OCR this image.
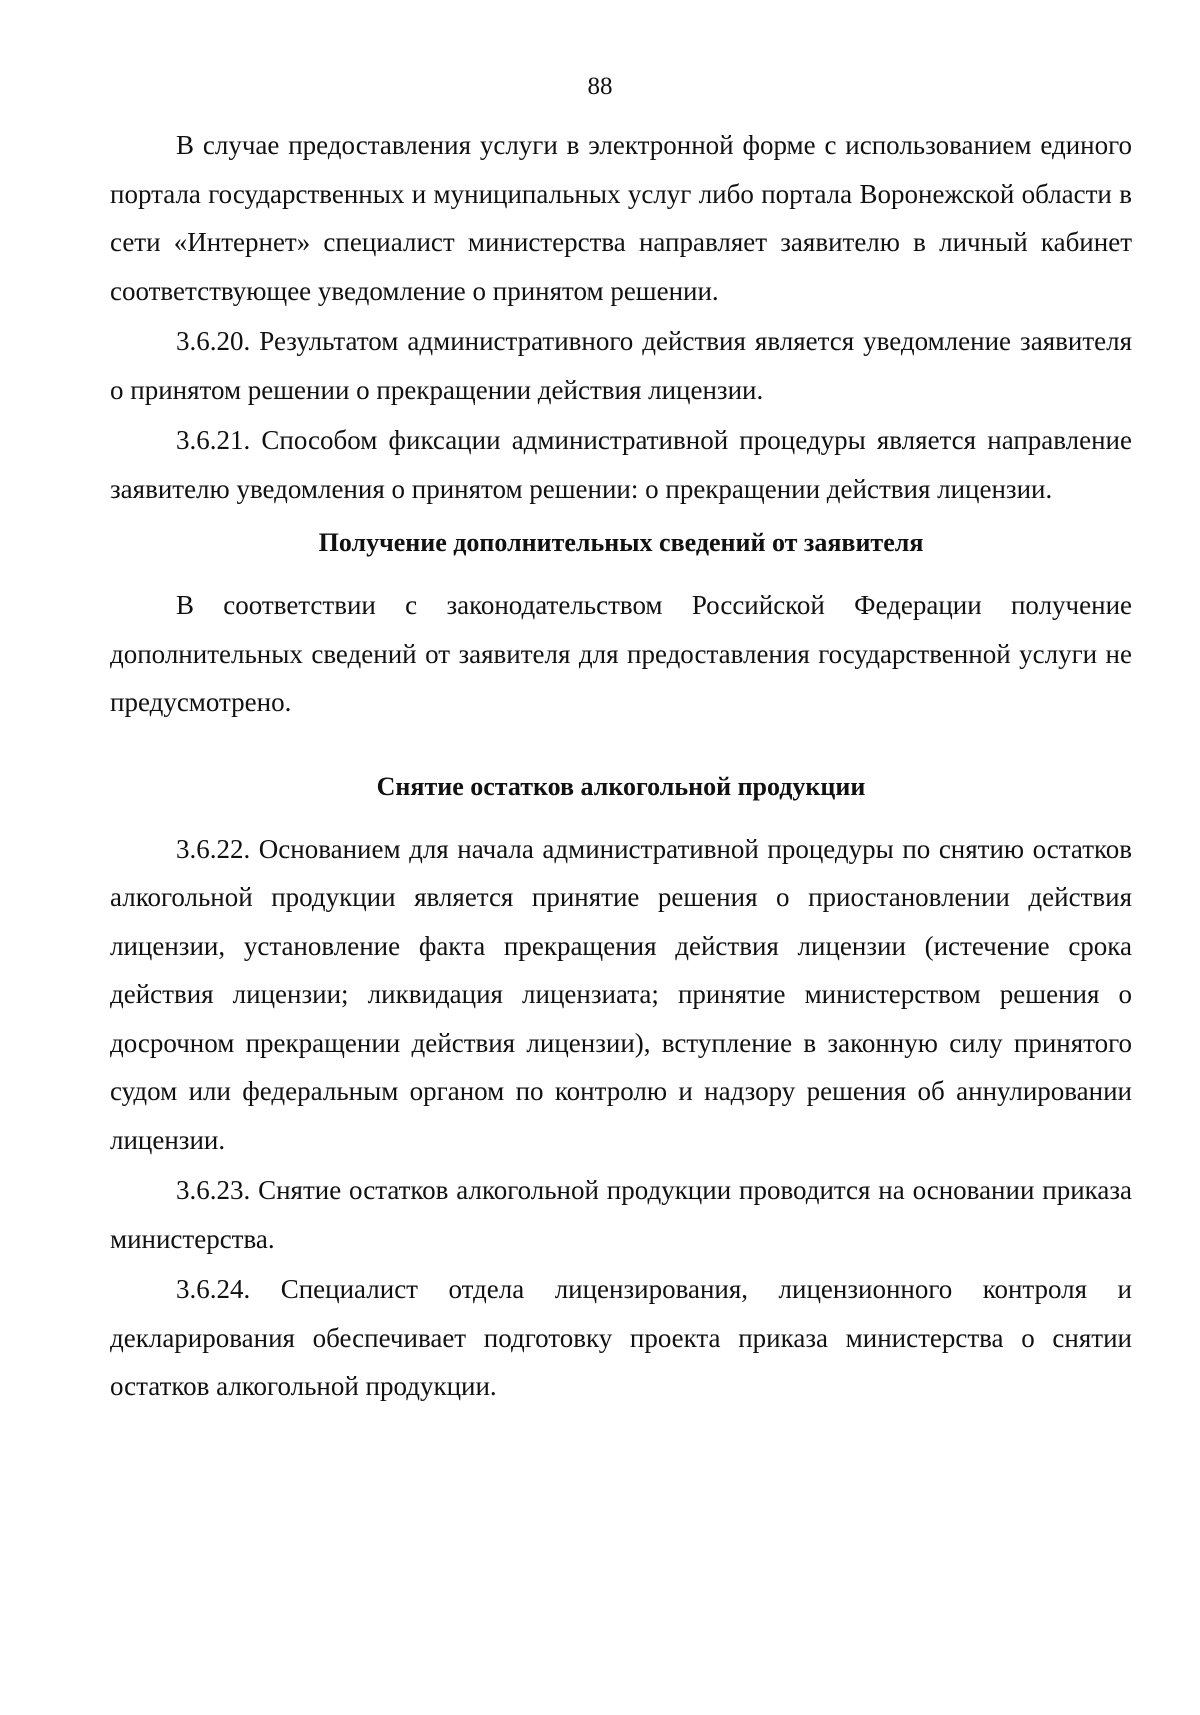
88

В случае предоставления услуги в электронной форме с использованием единого портала государственных и муниципальных услуг либо портала Воронежской области в сети «Интернет» специалист министерства направляет заявителю в личный кабинет соответствующее уведомление о принятом решении.

3.6.20. Результатом административного действия является уведомление заявителя о принятом решении о прекращении действия лицензии.

3.6.21. Способом фиксации административной процедуры является направление заявителю уведомления о принятом решении: о прекращении действия лицензии.

Получение дополнительных сведений от заявителя

В соответствии с законодательством Российской Федерации получение дополнительных сведений от заявителя для предоставления государственной услуги не предусмотрено.

Снятие остатков алкогольной продукции

3.6.22. Основанием для начала административной процедуры по снятию остатков алкогольной продукции является принятие решения о приостановлении действия лицензии, установление факта прекращения действия лицензии (истечение срока действия лицензии; ликвидация лицензиата; принятие министерством решения о досрочном прекращении действия лицензии), вступление в законную силу принятого судом или федеральным органом по контролю и надзору решения об аннулировании лицензии.

3.6.23. Снятие остатков алкогольной продукции проводится на основании приказа министерства.

3.6.24. Специалист отдела лицензирования, лицензионного контроля и декларирования обеспечивает подготовку проекта приказа министерства о снятии остатков алкогольной продукции.
